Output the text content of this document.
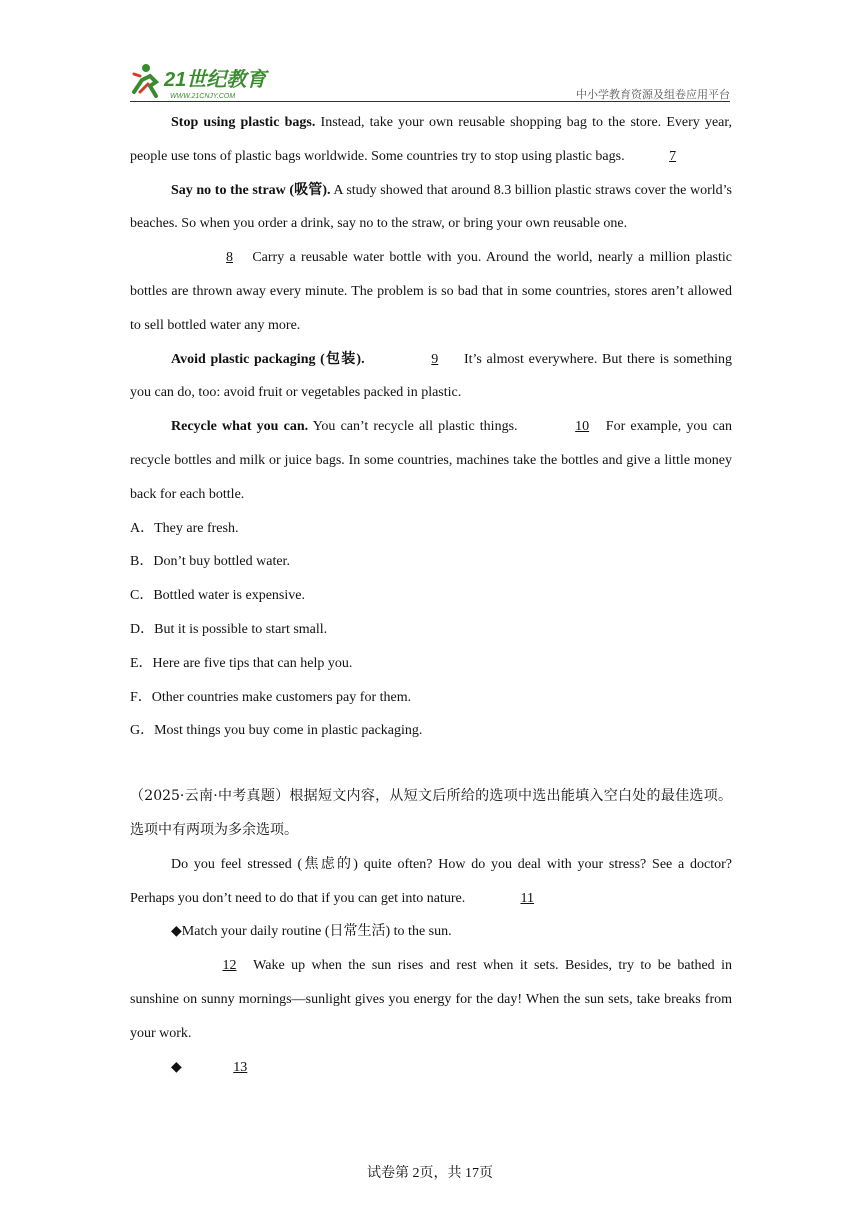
21世纪教育
WWW.21CNJY.COM	中小学教育资源及组卷应用平台

Stop using plastic bags. Instead, take your own reusable shopping bag to the store. Every year, people use tons of plastic bags worldwide. Some countries try to stop using plastic bags.	7

Say no to the straw (吸管). A study showed that around 8.3 billion plastic straws cover the world’s beaches. So when you order a drink, say no to the straw, or bring your own reusable one.

8 Carry a reusable water bottle with you. Around the world, nearly a million plastic bottles are thrown away every minute. The problem is so bad that in some countries, stores aren’t allowed to sell bottled water any more.

Avoid plastic packaging (包装).	9 It’s almost everywhere. But there is something you can do, too: avoid fruit or vegetables packed in plastic.

Recycle what you can. You can’t recycle all plastic things.	10 For example, you can recycle bottles and milk or juice bags. In some countries, machines take the bottles and give a little money back for each bottle.

A．They are fresh.

B．Don’t buy bottled water.

C．Bottled water is expensive.

D．But it is possible to start small.

E．Here are five tips that can help you.

F．Other countries make customers pay for them.

G．Most things you buy come in plastic packaging.

（2025·云南·中考真题）根据短文内容，从短文后所给的选项中选出能填入空白处的最佳选项。选项中有两项为多余选项。

Do you feel stressed (焦虑的) quite often? How do you deal with your stress? See a doctor? Perhaps you don’t need to do that if you can get into nature.	11

◆Match your daily routine (日常生活) to the sun.

12 Wake up when the sun rises and rest when it sets. Besides, try to be bathed in sunshine on sunny mornings—sunlight gives you energy for the day! When the sun sets, take breaks from your work.

◆	13

试卷第 2页，共 17页
